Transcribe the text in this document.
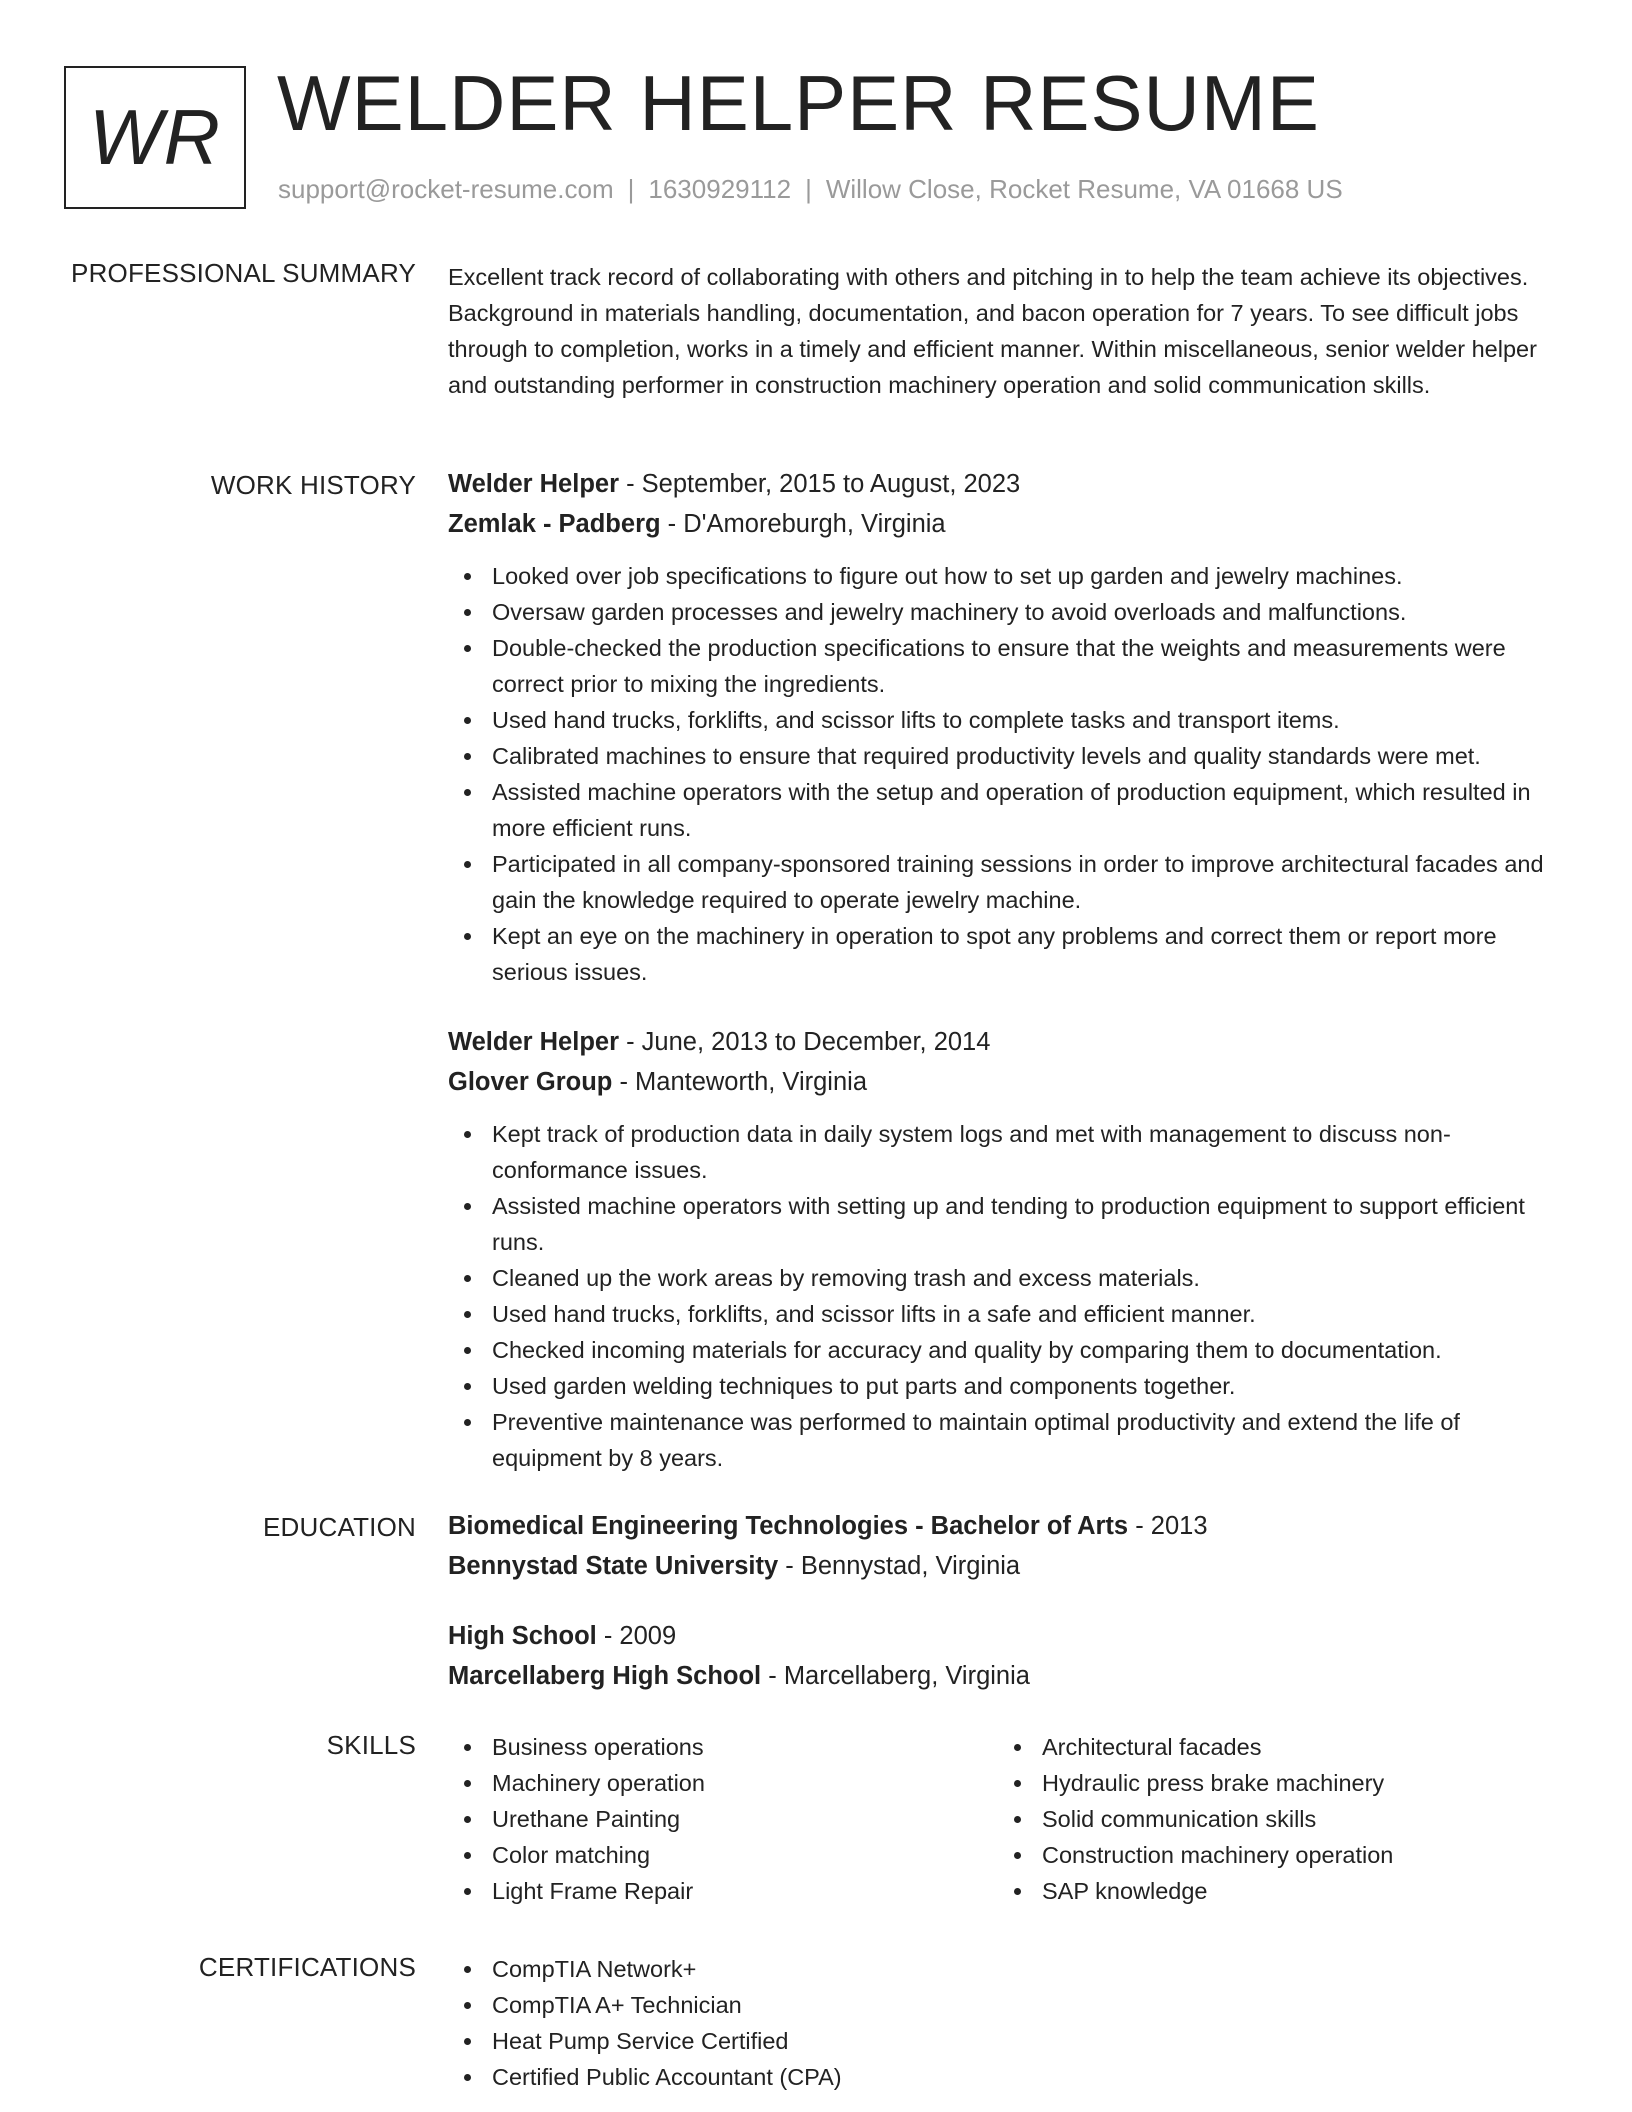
WR WELDER HELPER RESUME
support@rocket-resume.com | 1630929112 | Willow Close, Rocket Resume, VA 01668 US
PROFESSIONAL SUMMARY Excellent track record of collaborating with others and pitching in to help the team achieve its objectives. Background in materials handling, documentation, and bacon operation for 7 years. To see difficult jobs through to completion, works in a timely and efficient manner. Within miscellaneous, senior welder helper and outstanding performer in construction machinery operation and solid communication skills.

WORK HISTORY Welder Helper - September, 2015 to August, 2023
Zemlak - Padberg - D'Amoreburgh, Virginia
Looked over job specifications to figure out how to set up garden and jewelry machines.
Oversaw garden processes and jewelry machinery to avoid overloads and malfunctions.
Double-checked the production specifications to ensure that the weights and measurements were correct prior to mixing the ingredients.
Used hand trucks, forklifts, and scissor lifts to complete tasks and transport items.
Calibrated machines to ensure that required productivity levels and quality standards were met.
Assisted machine operators with the setup and operation of production equipment, which resulted in more efficient runs.
Participated in all company-sponsored training sessions in order to improve architectural facades and gain the knowledge required to operate jewelry machine.
Kept an eye on the machinery in operation to spot any problems and correct them or report more serious issues.
Welder Helper - June, 2013 to December, 2014
Glover Group - Manteworth, Virginia
Kept track of production data in daily system logs and met with management to discuss non-conformance issues.
Assisted machine operators with setting up and tending to production equipment to support efficient runs.
Cleaned up the work areas by removing trash and excess materials.
Used hand trucks, forklifts, and scissor lifts in a safe and efficient manner.
Checked incoming materials for accuracy and quality by comparing them to documentation.
Used garden welding techniques to put parts and components together.
Preventive maintenance was performed to maintain optimal productivity and extend the life of equipment by 8 years.
EDUCATION Biomedical Engineering Technologies - Bachelor of Arts - 2013
Bennystad State University - Bennystad, Virginia
High School - 2009
Marcellaberg High School - Marcellaberg, Virginia
SKILLS	Business operations
Machinery operation
Urethane Painting
Color matching
Light Frame Repair
Architectural facades
Hydraulic press brake machinery
Solid communication skills
Construction machinery operation
SAP knowledge
CERTIFICATIONS	CompTIA Network+
CompTIA A+ Technician
Heat Pump Service Certified
Certified Public Accountant (CPA)
